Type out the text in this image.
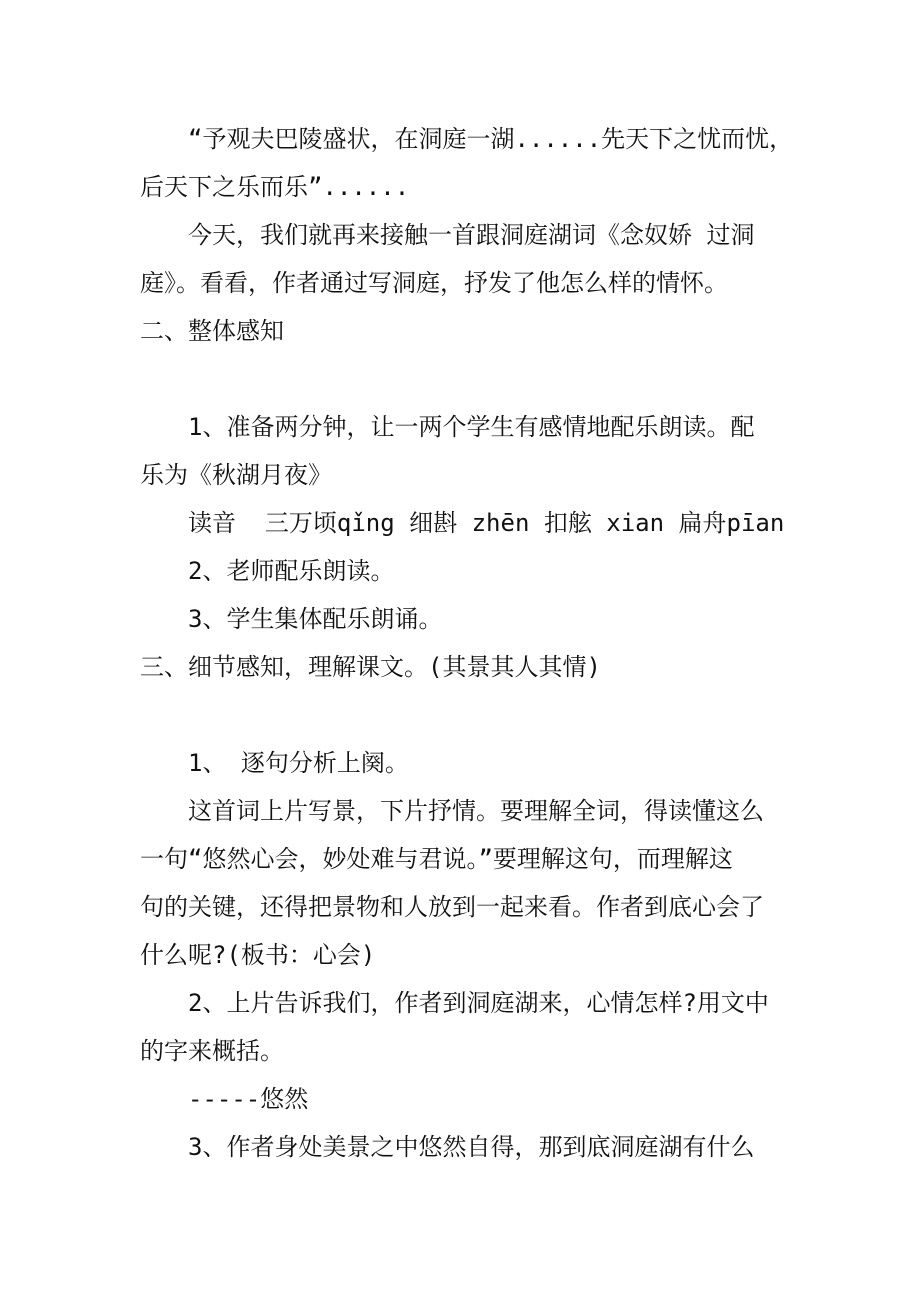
“予观夫巴陵盛状，在洞庭一湖......先天下之忧而忧，
后天下之乐而乐”......
今天，我们就再来接触一首跟洞庭湖词《念奴娇 过洞
庭》。看看，作者通过写洞庭，抒发了他怎么样的情怀。
二、整体感知
1、准备两分钟，让一两个学生有感情地配乐朗读。配
乐为《秋湖月夜》
读音  三万顷qǐng 细斟 zhēn 扣舷 xian 扁舟pīan
2、老师配乐朗读。
3、学生集体配乐朗诵。
三、细节感知，理解课文。(其景其人其情)
1、 逐句分析上阕。
这首词上片写景，下片抒情。要理解全词，得读懂这么
一句“悠然心会，妙处难与君说。”要理解这句，而理解这
句的关键，还得把景物和人放到一起来看。作者到底心会了
什么呢?(板书：心会)
2、上片告诉我们，作者到洞庭湖来，心情怎样?用文中
的字来概括。
-----悠然
3、作者身处美景之中悠然自得，那到底洞庭湖有什么
